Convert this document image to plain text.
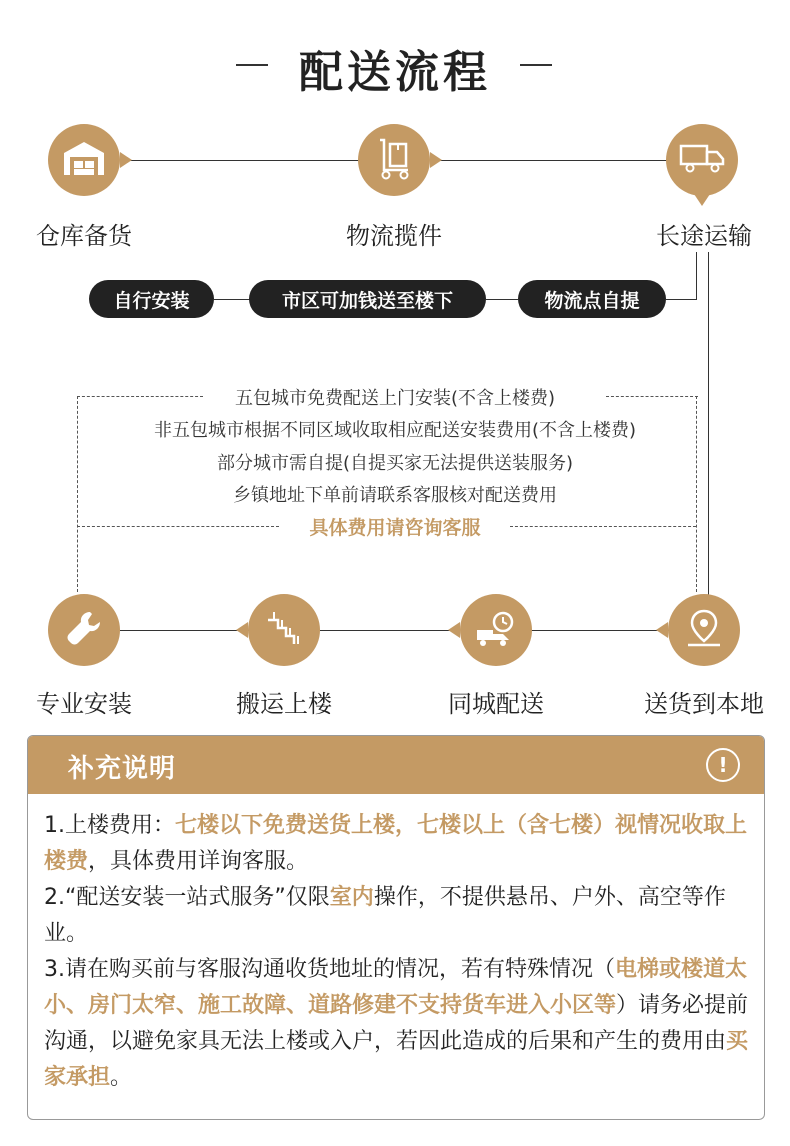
配送流程
仓库备货	物流揽件	长途运输
自行安装	市区可加钱送至楼下	物流点自提
五包城市免费配送上门安装(不含上楼费)
非五包城市根据不同区域收取相应配送安装费用(不含上楼费)
部分城市需自提(自提买家无法提供送装服务)
乡镇地址下单前请联系客服核对配送费用
具体费用请咨询客服
专业安装	搬运上楼	同城配送	送货到本地
补充说明	!
1.上楼费用：七楼以下免费送货上楼，七楼以上（含七楼）视情况收取上楼费，具体费用详询客服。
2.“配送安装一站式服务”仅限室内操作，不提供悬吊、户外、高空等作业。
3.请在购买前与客服沟通收货地址的情况，若有特殊情况（电梯或楼道太小、房门太窄、施工故障、道路修建不支持货车进入小区等）请务必提前沟通，以避免家具无法上楼或入户，若因此造成的后果和产生的费用由买家承担。
